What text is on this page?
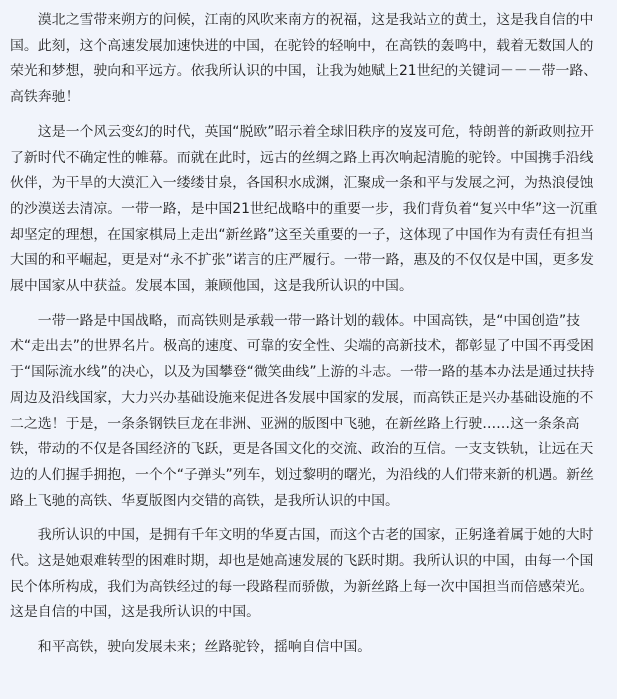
漠北之雪带来朔方的问候，江南的风吹来南方的祝福，这是我站立的黄土，这是我自信的中国。此刻，这个高速发展加速快进的中国，在驼铃的轻响中，在高铁的轰鸣中，载着无数国人的荣光和梦想，驶向和平远方。依我所认识的中国，让我为她赋上21世纪的关键词－－－带一路、高铁奔驰！

这是一个风云变幻的时代，英国“脱欧”昭示着全球旧秩序的岌岌可危，特朗普的新政则拉开了新时代不确定性的帷幕。而就在此时，远古的丝绸之路上再次响起清脆的驼铃。中国携手沿线伙伴，为干旱的大漠汇入一缕缕甘泉，各国积水成渊，汇聚成一条和平与发展之河，为热浪侵蚀的沙漠送去清凉。一带一路，是中国21世纪战略中的重要一步，我们背负着“复兴中华”这一沉重却坚定的理想，在国家棋局上走出“新丝路”这至关重要的一子，这体现了中国作为有责任有担当大国的和平崛起，更是对“永不扩张”诺言的庄严履行。一带一路，惠及的不仅仅是中国，更多发展中国家从中获益。发展本国，兼顾他国，这是我所认识的中国。

一带一路是中国战略，而高铁则是承载一带一路计划的载体。中国高铁，是“中国创造”技术“走出去”的世界名片。极高的速度、可靠的安全性、尖端的高新技术，都彰显了中国不再受困于“国际流水线”的决心，以及为国攀登“微笑曲线”上游的斗志。一带一路的基本办法是通过扶持周边及沿线国家，大力兴办基础设施来促进各发展中国家的发展，而高铁正是兴办基础设施的不二之选！于是，一条条钢铁巨龙在非洲、亚洲的版图中飞驰，在新丝路上行驶……这一条条高铁，带动的不仅是各国经济的飞跃，更是各国文化的交流、政治的互信。一支支铁轨，让远在天边的人们握手拥抱，一个个“子弹头”列车，划过黎明的曙光，为沿线的人们带来新的机遇。新丝路上飞驰的高铁、华夏版图内交错的高铁，是我所认识的中国。

我所认识的中国，是拥有千年文明的华夏古国，而这个古老的国家，正躬逢着属于她的大时代。这是她艰难转型的困难时期，却也是她高速发展的飞跃时期。我所认识的中国，由每一个国民个体所构成，我们为高铁经过的每一段路程而骄傲，为新丝路上每一次中国担当而倍感荣光。这是自信的中国，这是我所认识的中国。

和平高铁，驶向发展未来；丝路驼铃，摇响自信中国。
